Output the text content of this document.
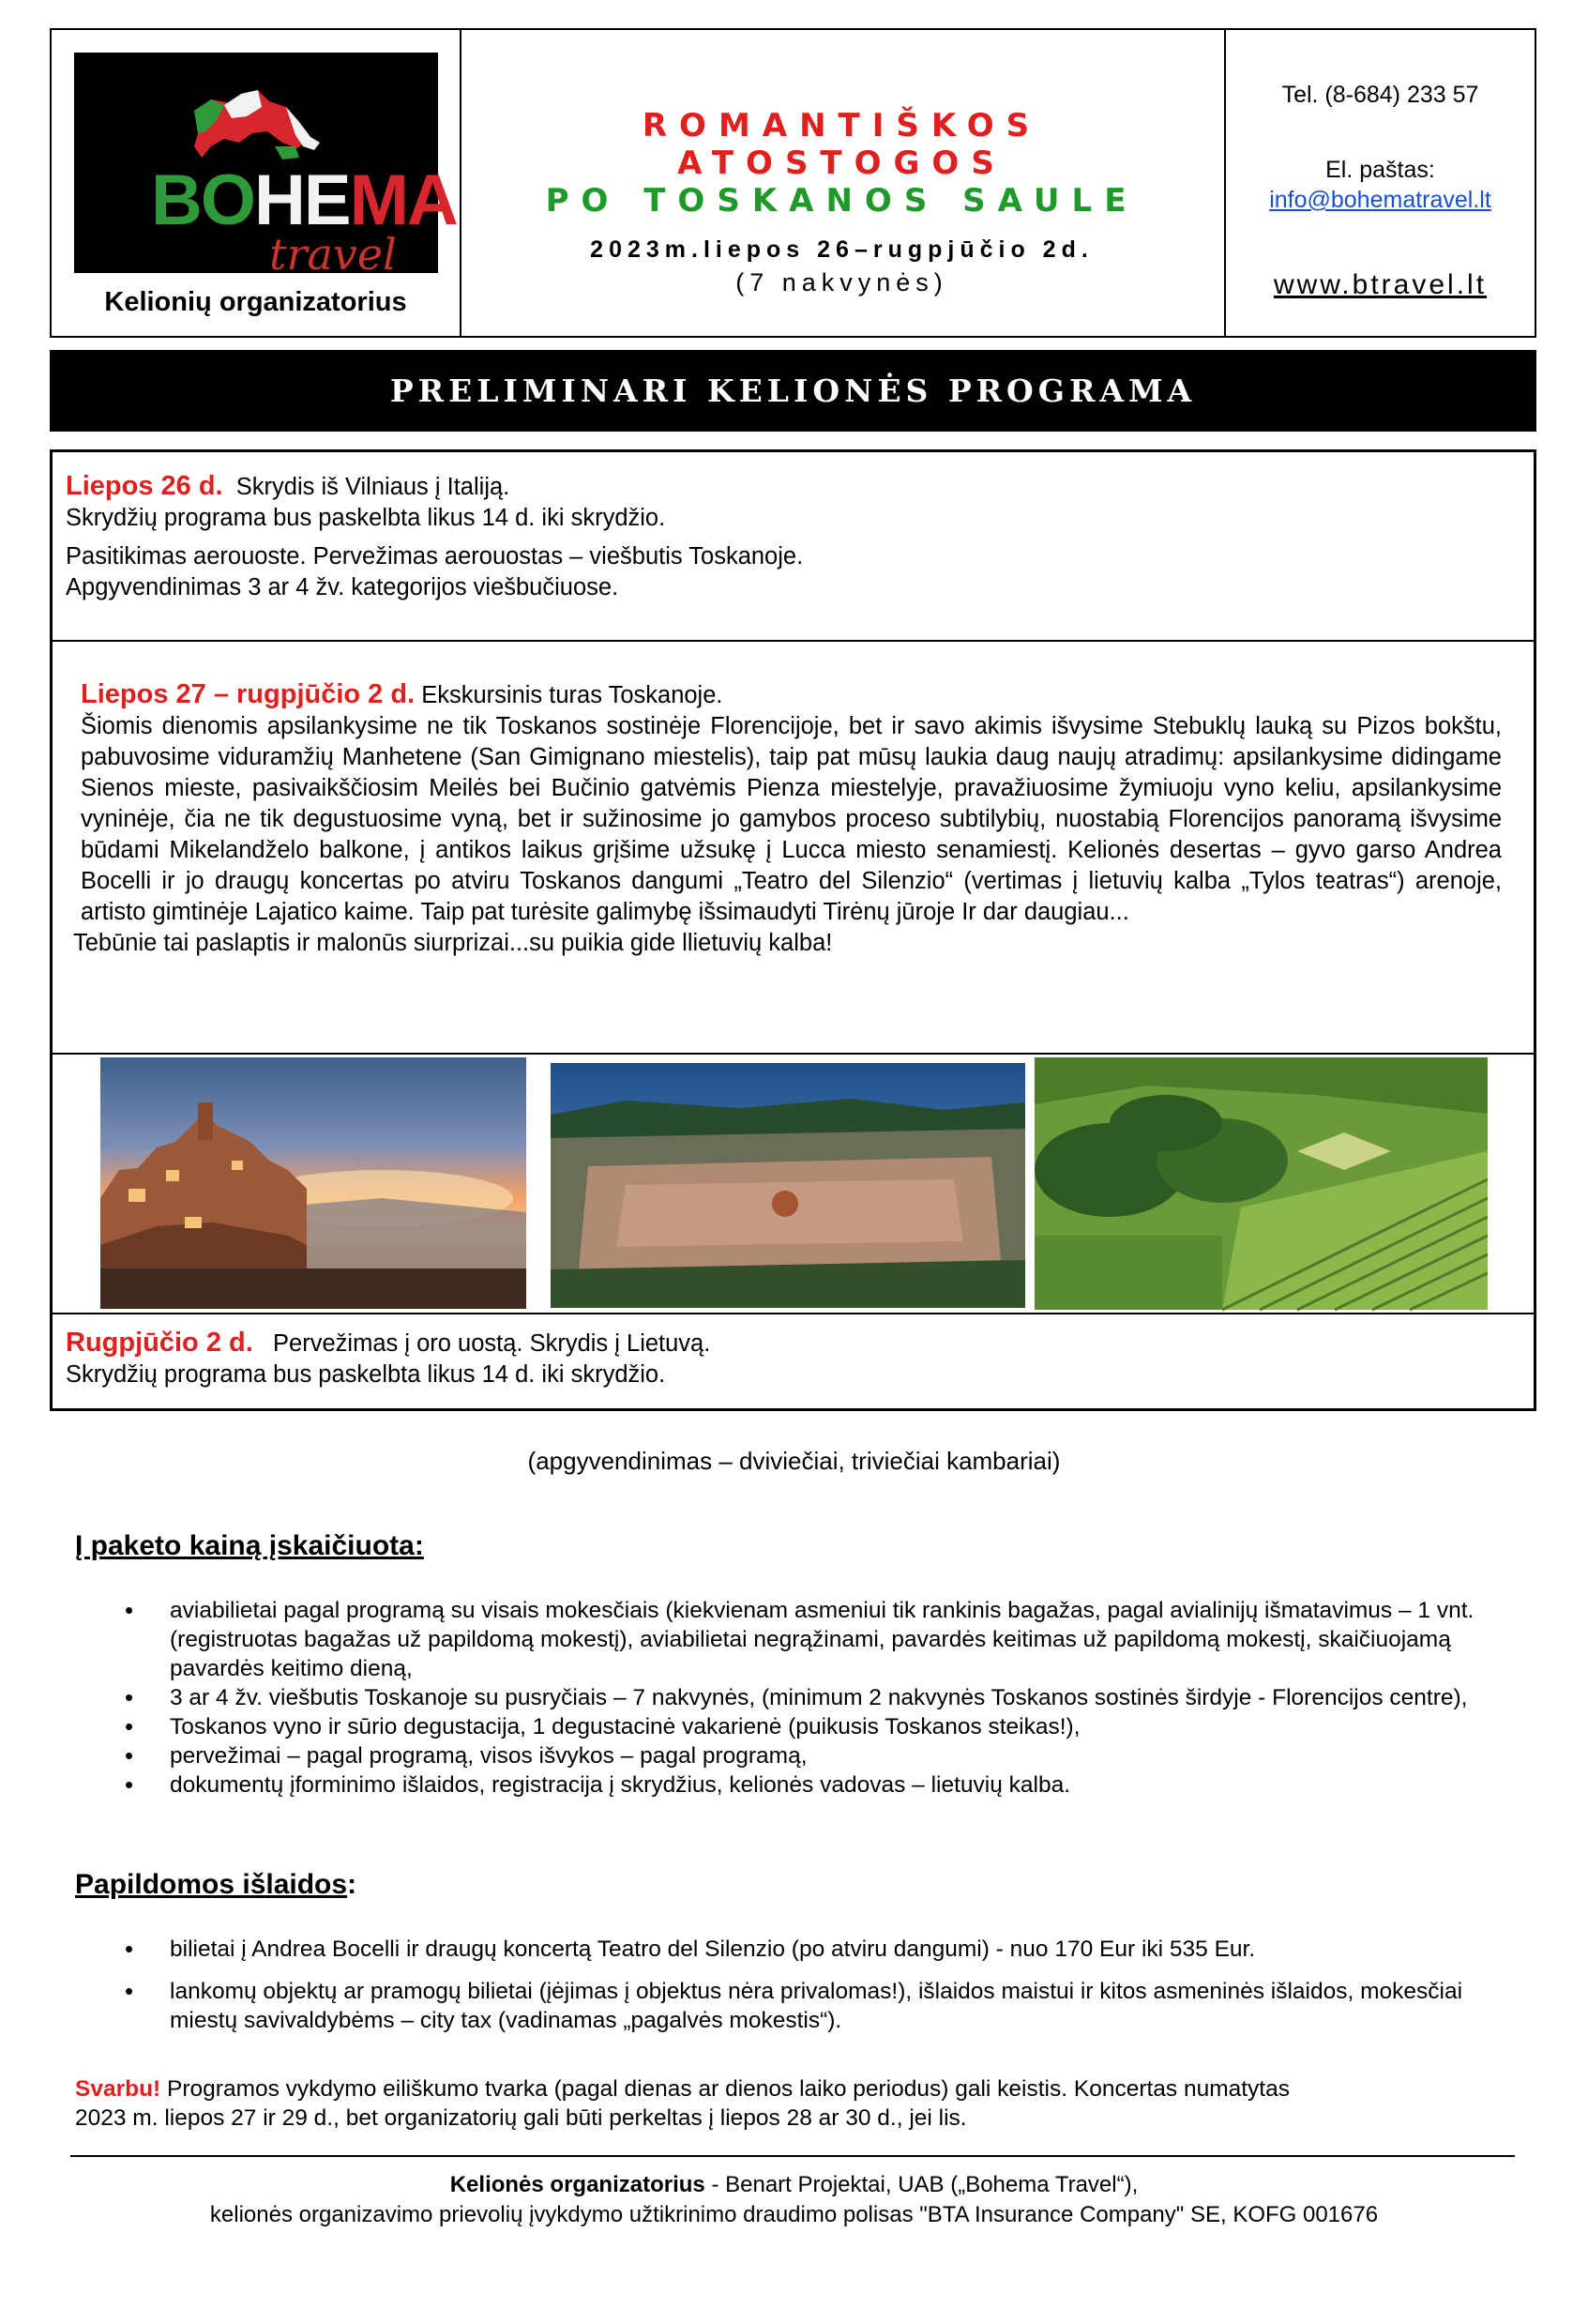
BOHEMA
travel
Kelionių organizatorius
ROMANTIŠKOS
ATOSTOGOS
PO TOSKANOS SAULE
2023m.liepos 26–rugpjūčio 2d.
(7 nakvynės)
Tel. (8-684) 233 57
El. paštas:
info@bohematravel.lt
www.btravel.lt
PRELIMINARI KELIONĖS PROGRAMA
Liepos 26 d. Skrydis iš Vilniaus į Italiją.
Skrydžių programa bus paskelbta likus 14 d. iki skrydžio.
Pasitikimas aerouoste. Pervežimas aerouostas – viešbutis Toskanoje.
Apgyvendinimas 3 ar 4 žv. kategorijos viešbučiuose.
Liepos 27 – rugpjūčio 2 d. Ekskursinis turas Toskanoje.
Šiomis dienomis apsilankysime ne tik Toskanos sostinėje Florencijoje, bet ir savo akimis išvysime Stebuklų lauką su Pizos bokštu, pabuvosime viduramžių Manhetene (San Gimignano miestelis), taip pat mūsų laukia daug naujų atradimų: apsilankysime didingame Sienos mieste, pasivaikščiosim Meilės bei Bučinio gatvėmis Pienza miestelyje, pravažiuosime žymiuoju vyno keliu, apsilankysime vyninėje, čia ne tik degustuosime vyną, bet ir sužinosime jo gamybos proceso subtilybių, nuostabią Florencijos panoramą išvysime būdami Mikelandželo balkone, į antikos laikus grįšime užsukę į Lucca miesto senamiestį. Kelionės desertas – gyvo garso Andrea Bocelli ir jo draugų koncertas po atviru Toskanos dangumi „Teatro del Silenzio“ (vertimas į lietuvių kalba „Tylos teatras“) arenoje, artisto gimtinėje Lajatico kaime. Taip pat turėsite galimybę išsimaudyti Tirėnų jūroje Ir dar daugiau...
Tebūnie tai paslaptis ir malonūs siurprizai...su puikia gide llietuvių kalba!
Rugpjūčio 2 d. Pervežimas į oro uostą. Skrydis į Lietuvą.
Skrydžių programa bus paskelbta likus 14 d. iki skrydžio.
(apgyvendinimas – dviviečiai, triviečiai kambariai)
Į paketo kainą įskaičiuota:
• aviabilietai pagal programą su visais mokesčiais (kiekvienam asmeniui tik rankinis bagažas, pagal avialinijų išmatavimus – 1 vnt. (registruotas bagažas už papildomą mokestį), aviabilietai negrąžinami, pavardės keitimas už papildomą mokestį, skaičiuojamą pavardės keitimo dieną,
• 3 ar 4 žv. viešbutis Toskanoje su pusryčiais – 7 nakvynės, (minimum 2 nakvynės Toskanos sostinės širdyje - Florencijos centre),
• Toskanos vyno ir sūrio degustacija, 1 degustacinė vakarienė (puikusis Toskanos steikas!),
• pervežimai – pagal programą, visos išvykos – pagal programą,
• dokumentų įforminimo išlaidos, registracija į skrydžius, kelionės vadovas – lietuvių kalba.
Papildomos išlaidos:
• bilietai į Andrea Bocelli ir draugų koncertą Teatro del Silenzio (po atviru dangumi) - nuo 170 Eur iki 535 Eur.
• lankomų objektų ar pramogų bilietai (įėjimas į objektus nėra privalomas!), išlaidos maistui ir kitos asmeninės išlaidos, mokesčiai miestų savivaldybėms – city tax (vadinamas „pagalvės mokestis“).
Svarbu! Programos vykdymo eiliškumo tvarka (pagal dienas ar dienos laiko periodus) gali keistis. Koncertas numatytas
2023 m. liepos 27 ir 29 d., bet organizatorių gali būti perkeltas į liepos 28 ar 30 d., jei lis.
Kelionės organizatorius - Benart Projektai, UAB („Bohema Travel“),
kelionės organizavimo prievolių įvykdymo užtikrinimo draudimo polisas "BTA Insurance Company" SE, KOFG 001676
